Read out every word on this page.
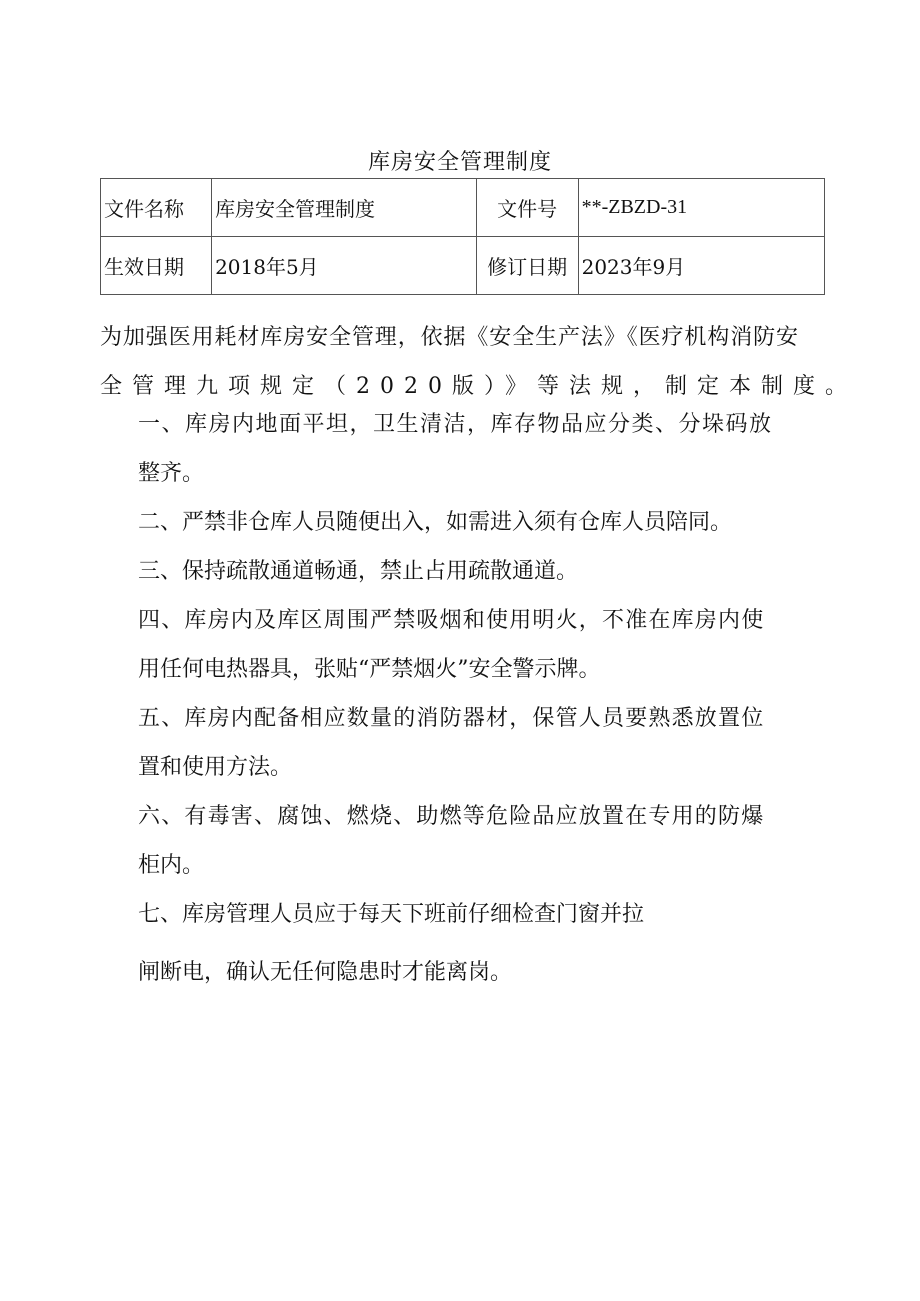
库房安全管理制度
文件名称	库房安全管理制度	文件号	**-ZBZD-31
生效日期	2018年5月	修订日期	2023年9月
为加强医用耗材库房安全管理，依据《安全生产法》《医疗机构消防安
全管理九项规定（2020版）》等法规，制定本制度。
一、库房内地面平坦，卫生清洁，库存物品应分类、分垛码放
整齐。
二、严禁非仓库人员随便出入，如需进入须有仓库人员陪同。
三、保持疏散通道畅通，禁止占用疏散通道。
四、库房内及库区周围严禁吸烟和使用明火，不准在库房内使
用任何电热器具，张贴“严禁烟火”安全警示牌。
五、库房内配备相应数量的消防器材，保管人员要熟悉放置位
置和使用方法。
六、有毒害、腐蚀、燃烧、助燃等危险品应放置在专用的防爆
柜内。
七、库房管理人员应于每天下班前仔细检查门窗并拉
闸断电，确认无任何隐患时才能离岗。
